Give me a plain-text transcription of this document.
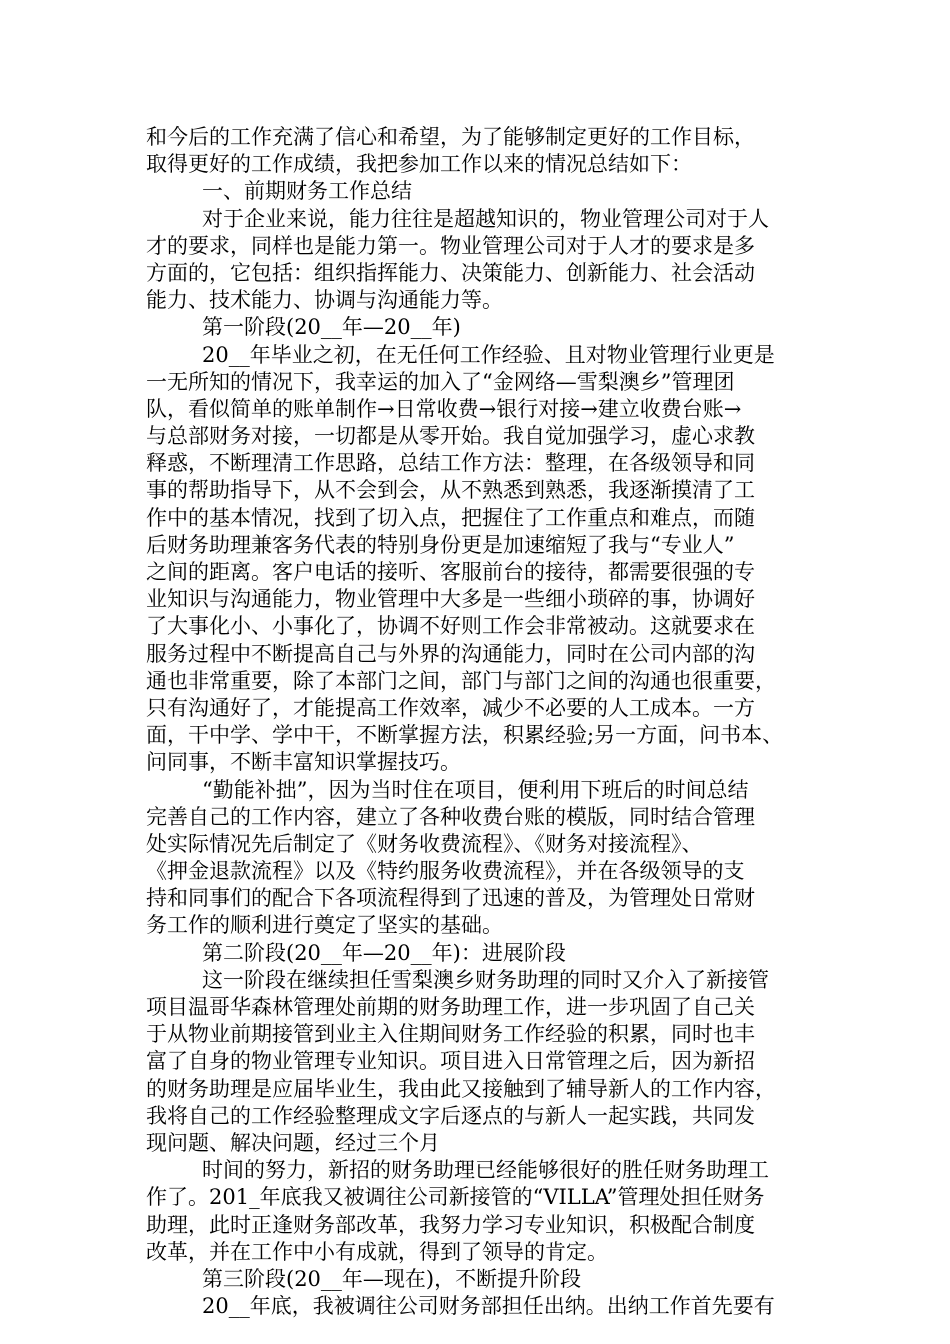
和今后的工作充满了信心和希望，为了能够制定更好的工作目标，
取得更好的工作成绩，我把参加工作以来的情况总结如下：
一、前期财务工作总结
对于企业来说，能力往往是超越知识的，物业管理公司对于人
才的要求，同样也是能力第一。物业管理公司对于人才的要求是多
方面的，它包括：组织指挥能力、决策能力、创新能力、社会活动
能力、技术能力、协调与沟通能力等。
第一阶段(20__年—20__年)
20__年毕业之初，在无任何工作经验、且对物业管理行业更是
一无所知的情况下，我幸运的加入了“金网络—雪梨澳乡”管理团
队，看似简单的账单制作→日常收费→银行对接→建立收费台账→
与总部财务对接，一切都是从零开始。我自觉加强学习，虚心求教
释惑，不断理清工作思路，总结工作方法：整理，在各级领导和同
事的帮助指导下，从不会到会，从不熟悉到熟悉，我逐渐摸清了工
作中的基本情况，找到了切入点，把握住了工作重点和难点，而随
后财务助理兼客务代表的特别身份更是加速缩短了我与“专业人”
之间的距离。客户电话的接听、客服前台的接待，都需要很强的专
业知识与沟通能力，物业管理中大多是一些细小琐碎的事，协调好
了大事化小、小事化了，协调不好则工作会非常被动。这就要求在
服务过程中不断提高自己与外界的沟通能力，同时在公司内部的沟
通也非常重要，除了本部门之间，部门与部门之间的沟通也很重要，
只有沟通好了，才能提高工作效率，减少不必要的人工成本。一方
面，干中学、学中干，不断掌握方法，积累经验;另一方面，问书本、
问同事，不断丰富知识掌握技巧。
“勤能补拙”，因为当时住在项目，便利用下班后的时间总结
完善自己的工作内容，建立了各种收费台账的模版，同时结合管理
处实际情况先后制定了《财务收费流程》、《财务对接流程》、
《押金退款流程》以及《特约服务收费流程》，并在各级领导的支
持和同事们的配合下各项流程得到了迅速的普及，为管理处日常财
务工作的顺利进行奠定了坚实的基础。
第二阶段(20__年—20__年)：进展阶段
这一阶段在继续担任雪梨澳乡财务助理的同时又介入了新接管
项目温哥华森林管理处前期的财务助理工作，进一步巩固了自己关
于从物业前期接管到业主入住期间财务工作经验的积累，同时也丰
富了自身的物业管理专业知识。项目进入日常管理之后，因为新招
的财务助理是应届毕业生，我由此又接触到了辅导新人的工作内容，
我将自己的工作经验整理成文字后逐点的与新人一起实践，共同发
现问题、解决问题，经过三个月
时间的努力，新招的财务助理已经能够很好的胜任财务助理工
作了。201_年底我又被调往公司新接管的“VILLA”管理处担任财务
助理，此时正逢财务部改革，我努力学习专业知识，积极配合制度
改革，并在工作中小有成就，得到了领导的肯定。
第三阶段(20__年—现在)，不断提升阶段
20__年底，我被调往公司财务部担任出纳。出纳工作首先要有
